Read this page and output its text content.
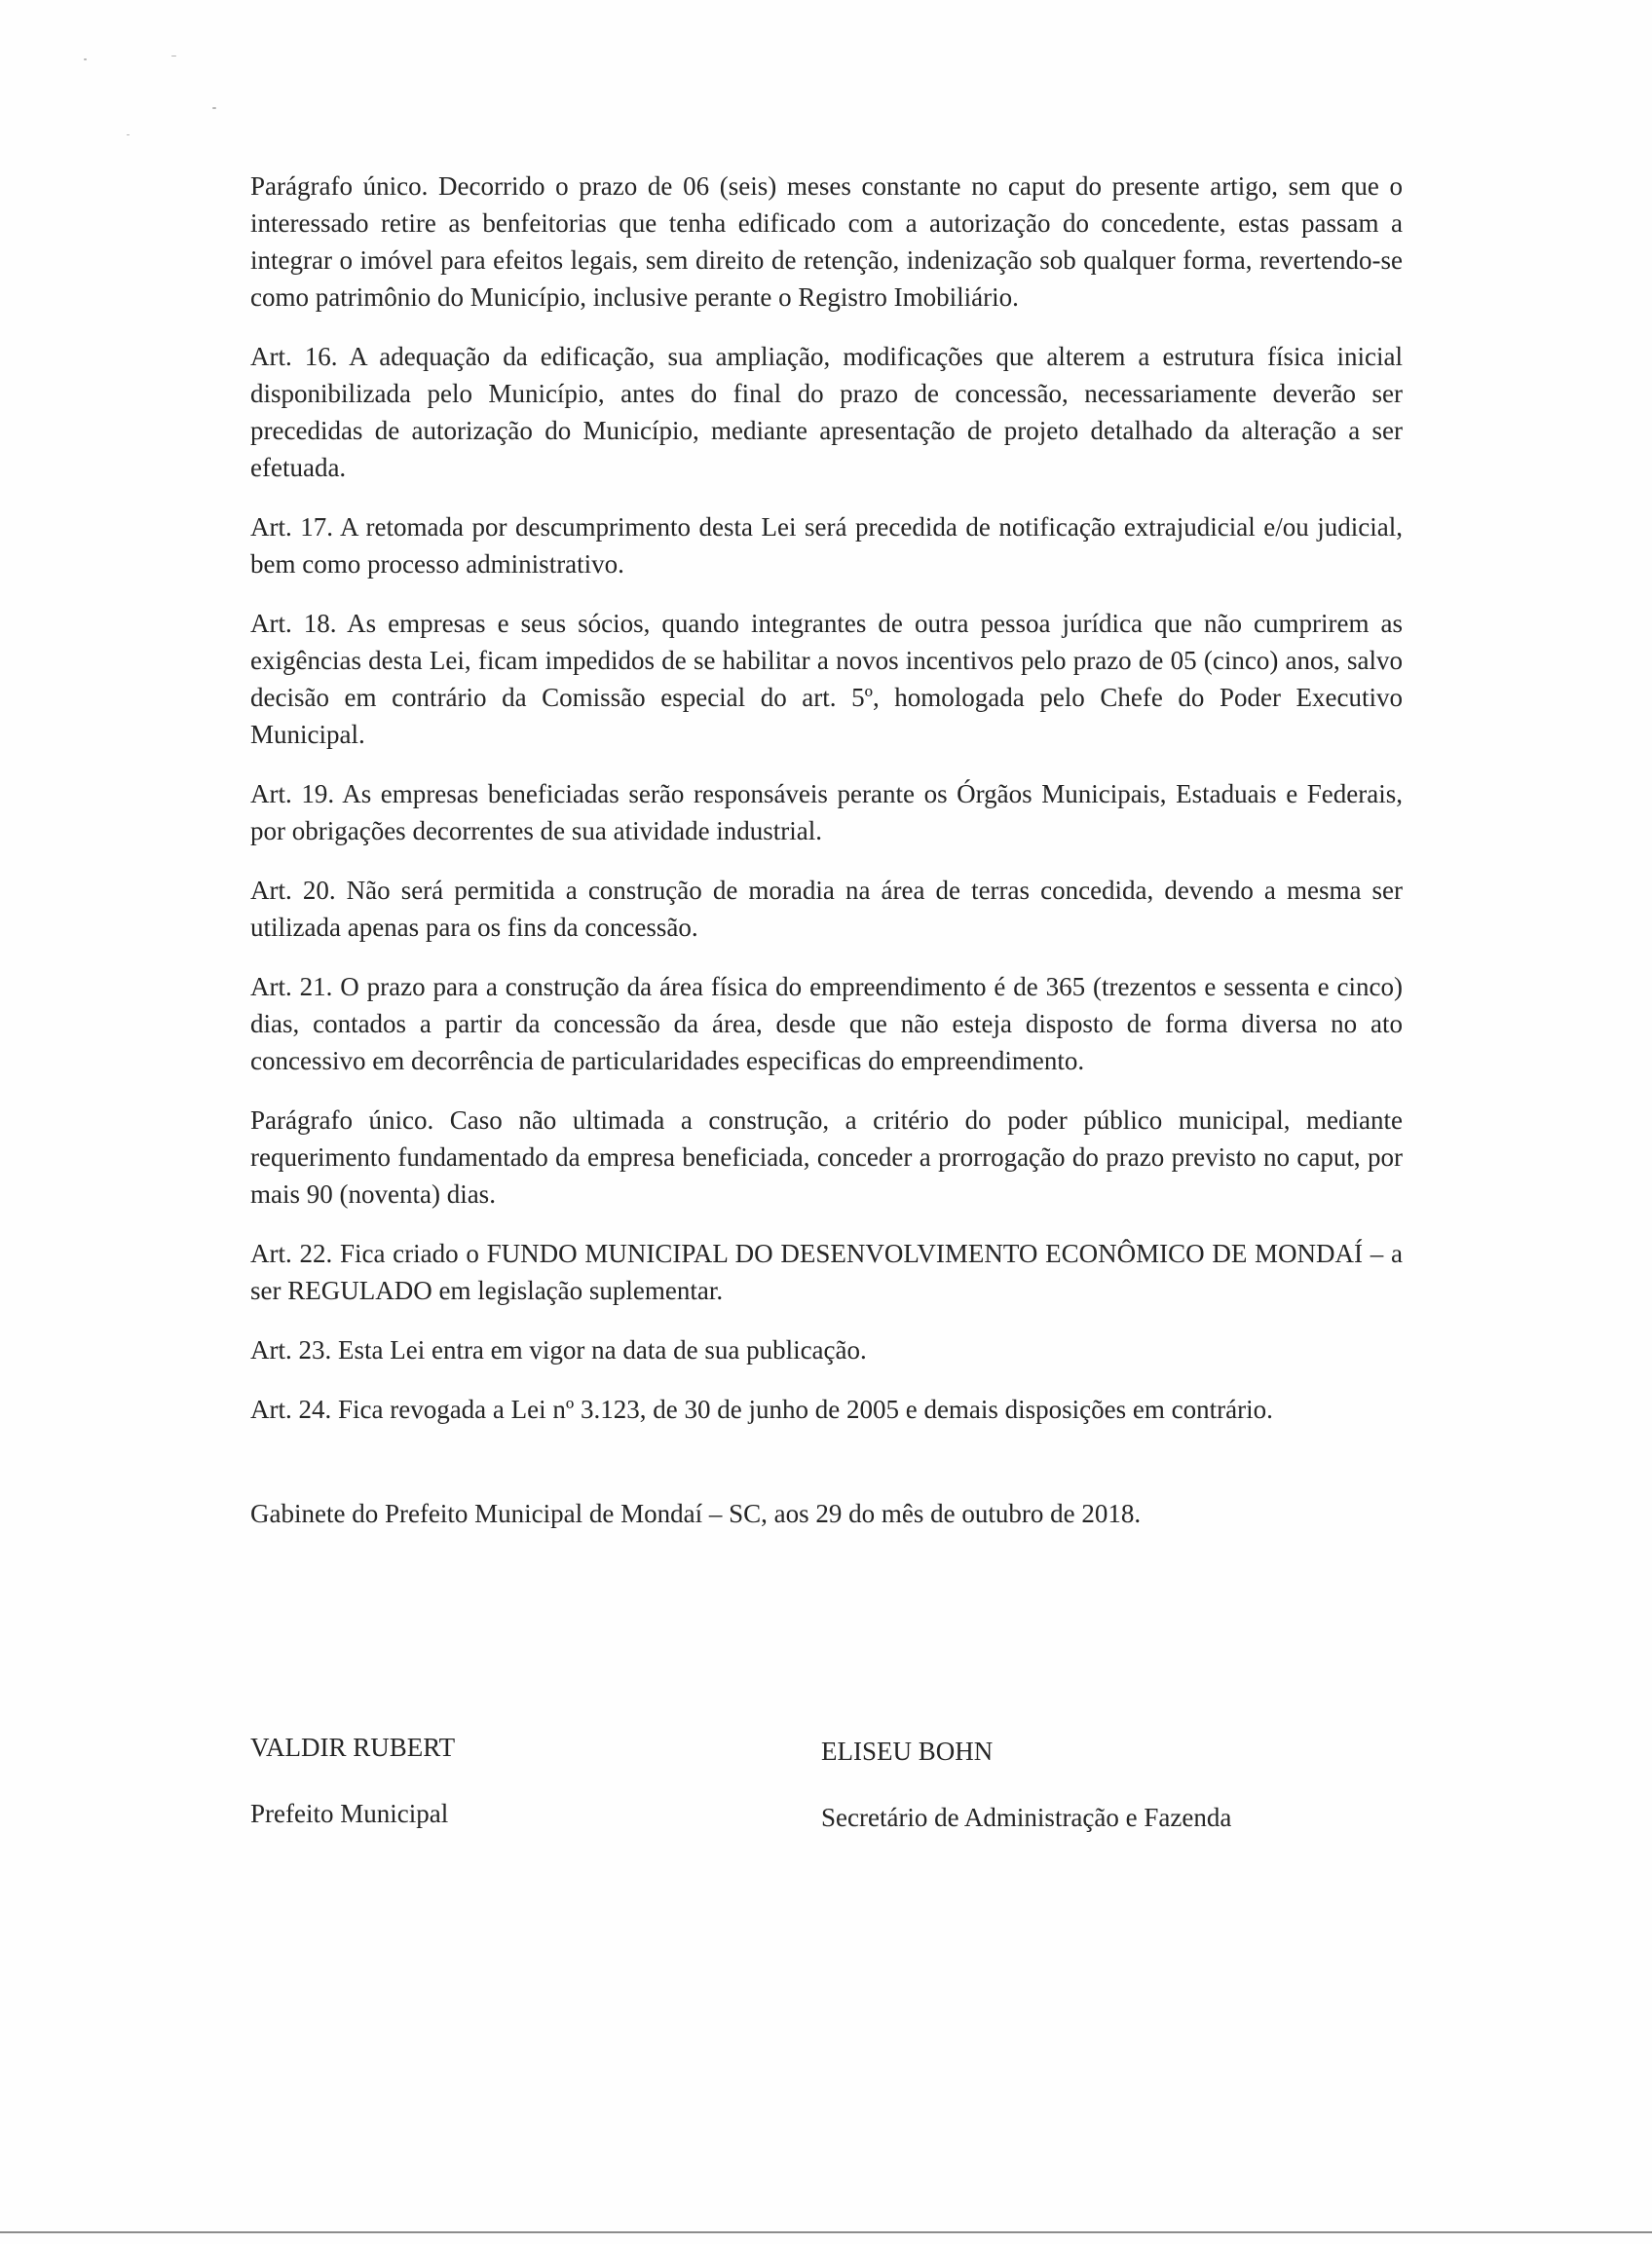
Parágrafo único. Decorrido o prazo de 06 (seis) meses constante no caput do presente artigo, sem que o interessado retire as benfeitorias que tenha edificado com a autorização do concedente, estas passam a integrar o imóvel para efeitos legais, sem direito de retenção, indenização sob qualquer forma, revertendo-se como patrimônio do Município, inclusive perante o Registro Imobiliário.

Art. 16. A adequação da edificação, sua ampliação, modificações que alterem a estrutura física inicial disponibilizada pelo Município, antes do final do prazo de concessão, necessariamente deverão ser precedidas de autorização do Município, mediante apresentação de projeto detalhado da alteração a ser efetuada.

Art. 17. A retomada por descumprimento desta Lei será precedida de notificação extrajudicial e/ou judicial, bem como processo administrativo.

Art. 18. As empresas e seus sócios, quando integrantes de outra pessoa jurídica que não cumprirem as exigências desta Lei, ficam impedidos de se habilitar a novos incentivos pelo prazo de 05 (cinco) anos, salvo decisão em contrário da Comissão especial do art. 5º, homologada pelo Chefe do Poder Executivo Municipal.

Art. 19. As empresas beneficiadas serão responsáveis perante os Órgãos Municipais, Estaduais e Federais, por obrigações decorrentes de sua atividade industrial.

Art. 20. Não será permitida a construção de moradia na área de terras concedida, devendo a mesma ser utilizada apenas para os fins da concessão.

Art. 21. O prazo para a construção da área física do empreendimento é de 365 (trezentos e sessenta e cinco) dias, contados a partir da concessão da área, desde que não esteja disposto de forma diversa no ato concessivo em decorrência de particularidades especificas do empreendimento.

Parágrafo único. Caso não ultimada a construção, a critério do poder público municipal, mediante requerimento fundamentado da empresa beneficiada, conceder a prorrogação do prazo previsto no caput, por mais 90 (noventa) dias.

Art. 22. Fica criado o FUNDO MUNICIPAL DO DESENVOLVIMENTO ECONÔMICO DE MONDAÍ – a ser REGULADO em legislação suplementar.

Art. 23. Esta Lei entra em vigor na data de sua publicação.

Art. 24. Fica revogada a Lei nº 3.123, de 30 de junho de 2005 e demais disposições em contrário.

Gabinete do Prefeito Municipal de Mondaí – SC, aos 29 do mês de outubro de 2018.

VALDIR RUBERT

Prefeito Municipal

ELISEU BOHN

Secretário de Administração e Fazenda
